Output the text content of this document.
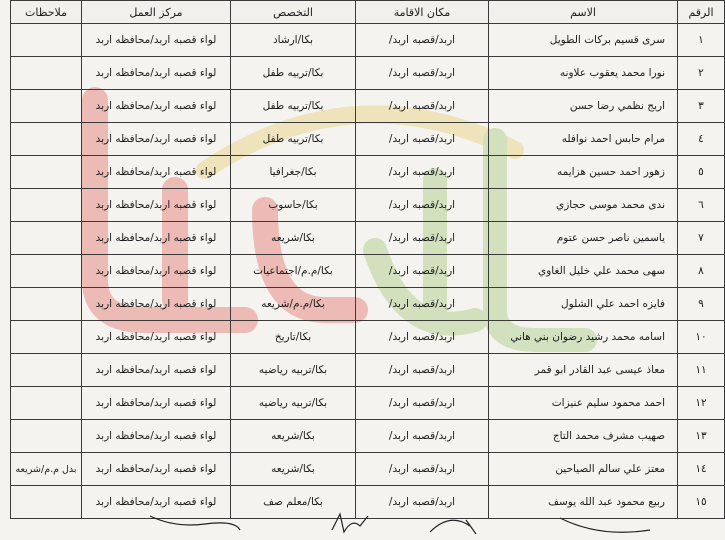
الرقم	الاسم	مكان الاقامة	التخصص	مركز العمل	ملاحظات
١	سرى قسيم بركات الطويل	اربد/قصبه اربد/	بكا/ارشاد	لواء قصبه اربد/محافظه اربد	
٢	نورا محمد يعقوب علاونه	اربد/قصبه اربد/	بكا/تربيه طفل	لواء قصبه اربد/محافظه اربد	
٣	اريج نظمي رضا حسن	اربد/قصبه اربد/	بكا/تربيه طفل	لواء قصبه اربد/محافظه اربد	
٤	مرام حابس احمد نوافله	اربد/قصبه اربد/	بكا/تربيه طفل	لواء قصبه اربد/محافظه اربد	
٥	زهور احمد حسين هزايمه	اربد/قصبه اربد/	بكا/جغرافيا	لواء قصبه اربد/محافظه اربد	
٦	ندى محمد موسى حجازي	اربد/قصبه اربد/	بكا/حاسوب	لواء قصبه اربد/محافظه اربد	
٧	ياسمين ناصر حسن عتوم	اربد/قصبه اربد/	بكا/شريعه	لواء قصبه اربد/محافظه اربد	
٨	سهى محمد علي خليل الغاوي	اربد/قصبه اربد/	بكا/م.م/اجتماعيات	لواء قصبه اربد/محافظه اربد	
٩	فايزه احمد علي الشلول	اربد/قصبه اربد/	بكا/م.م/شريعه	لواء قصبه اربد/محافظه اربد	
١٠	اسامه محمد رشيد رضوان بني هاني	اربد/قصبه اربد/	بكا/تاريخ	لواء قصبه اربد/محافظه اربد	
١١	معاذ عيسى عبد القادر ابو قمر	اربد/قصبه اربد/	بكا/تربيه رياضيه	لواء قصبه اربد/محافظه اربد	
١٢	احمد محمود سليم عنيزات	اربد/قصبه اربد/	بكا/تربيه رياضيه	لواء قصبه اربد/محافظه اربد	
١٣	صهيب مشرف محمد التاج	اربد/قصبه اربد/	بكا/شريعه	لواء قصبه اربد/محافظه اربد	
١٤	معتز علي سالم الصياحين	اربد/قصبه اربد/	بكا/شريعه	لواء قصبه اربد/محافظه اربد	بدل م.م/شريعه
١٥	ربيع محمود عبد الله يوسف	اربد/قصبه اربد/	بكا/معلم صف	لواء قصبه اربد/محافظه اربد	
